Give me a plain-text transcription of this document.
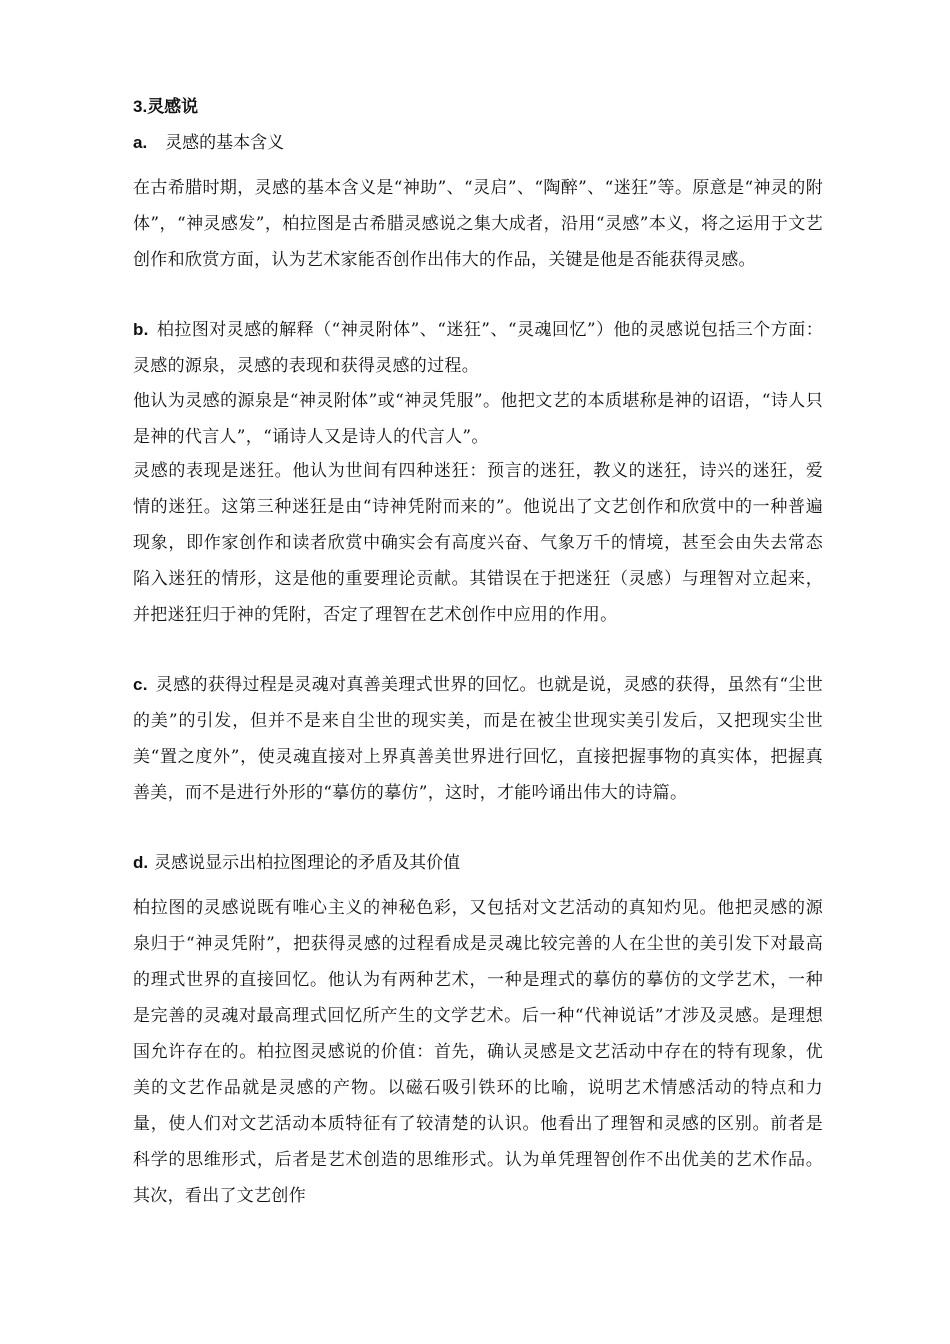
3.灵感说
a. 灵感的基本含义

在古希腊时期，灵感的基本含义是“神助”、“灵启”、“陶醉”、“迷狂”等。原意是“神灵的附体”，“神灵感发”，柏拉图是古希腊灵感说之集大成者，沿用“灵感”本义，将之运用于文艺创作和欣赏方面，认为艺术家能否创作出伟大的作品，关键是他是否能获得灵感。

b. 柏拉图对灵感的解释（“神灵附体”、“迷狂”、“灵魂回忆”）他的灵感说包括三个方面：灵感的源泉，灵感的表现和获得灵感的过程。

他认为灵感的源泉是“神灵附体”或“神灵凭服”。他把文艺的本质堪称是神的诏语，“诗人只是神的代言人”，“诵诗人又是诗人的代言人”。

灵感的表现是迷狂。他认为世间有四种迷狂：预言的迷狂，教义的迷狂，诗兴的迷狂，爱情的迷狂。这第三种迷狂是由“诗神凭附而来的”。他说出了文艺创作和欣赏中的一种普遍现象，即作家创作和读者欣赏中确实会有高度兴奋、气象万千的情境，甚至会由失去常态陷入迷狂的情形，这是他的重要理论贡献。其错误在于把迷狂（灵感）与理智对立起来，并把迷狂归于神的凭附，否定了理智在艺术创作中应用的作用。

c. 灵感的获得过程是灵魂对真善美理式世界的回忆。也就是说，灵感的获得，虽然有“尘世的美”的引发，但并不是来自尘世的现实美，而是在被尘世现实美引发后，又把现实尘世美“置之度外”，使灵魂直接对上界真善美世界进行回忆，直接把握事物的真实体，把握真善美，而不是进行外形的“摹仿的摹仿”，这时，才能吟诵出伟大的诗篇。

d. 灵感说显示出柏拉图理论的矛盾及其价值

柏拉图的灵感说既有唯心主义的神秘色彩，又包括对文艺活动的真知灼见。他把灵感的源泉归于“神灵凭附”，把获得灵感的过程看成是灵魂比较完善的人在尘世的美引发下对最高的理式世界的直接回忆。他认为有两种艺术，一种是理式的摹仿的摹仿的文学艺术，一种是完善的灵魂对最高理式回忆所产生的文学艺术。后一种“代神说话”才涉及灵感。是理想国允许存在的。柏拉图灵感说的价值：首先，确认灵感是文艺活动中存在的特有现象，优美的文艺作品就是灵感的产物。以磁石吸引铁环的比喻，说明艺术情感活动的特点和力量，使人们对文艺活动本质特征有了较清楚的认识。他看出了理智和灵感的区别。前者是科学的思维形式，后者是艺术创造的思维形式。认为单凭理智创作不出优美的艺术作品。其次，看出了文艺创作
